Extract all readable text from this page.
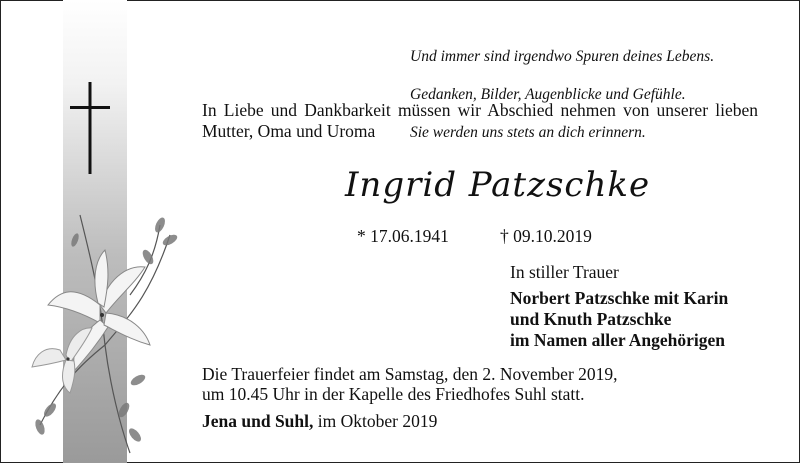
Und immer sind irgendwo Spuren deines Lebens.

Gedanken, Bilder, Augenblicke und Gefühle.

Sie werden uns stets an dich erinnern.

In Liebe und Dankbarkeit müssen wir Abschied nehmen von unserer lieben Mutter, Oma und Uroma
Ingrid Patzschke
* 17.06.1941	† 09.10.2019
In stiller Trauer
Norbert Patzschke mit Karin
und Knuth Patzschke
im Namen aller Angehörigen
Die Trauerfeier findet am Samstag, den 2. November 2019,
um 10.45 Uhr in der Kapelle des Friedhofes Suhl statt.
Jena und Suhl, im Oktober 2019
